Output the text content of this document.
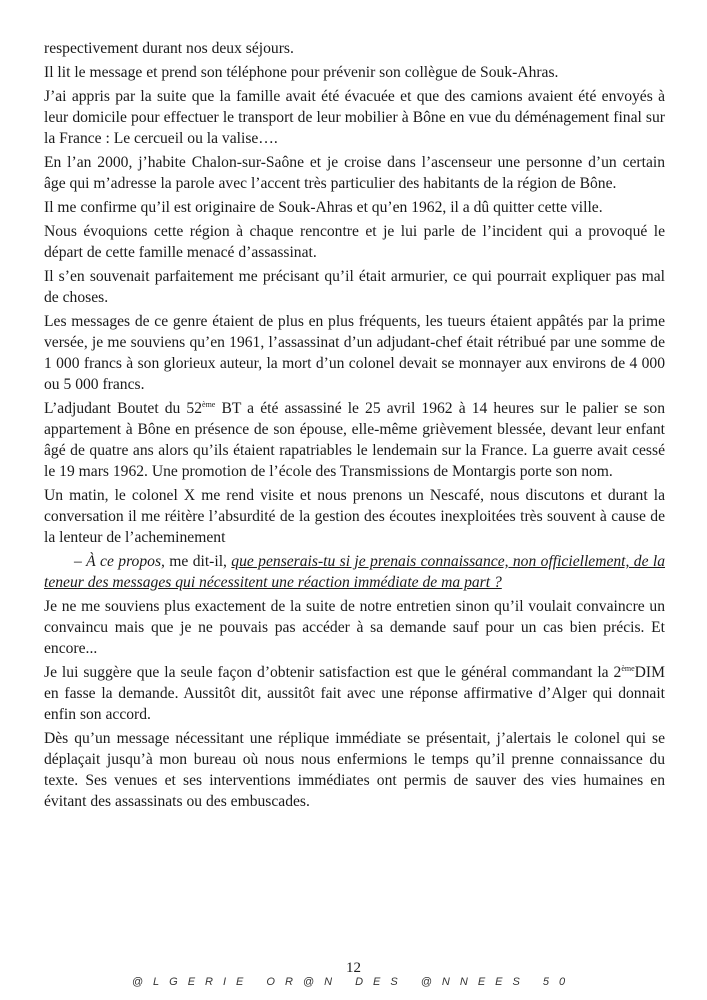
respectivement durant nos deux séjours.

Il lit le message et prend son téléphone pour prévenir son collègue de Souk-Ahras.

J’ai appris par la suite que la famille avait été évacuée et que des camions avaient été envoyés à leur domicile pour effectuer le transport de leur mobilier à Bône en vue du déménagement final sur la France : Le cercueil ou la valise….

En l’an 2000, j’habite Chalon-sur-Saône et je croise dans l’ascenseur une personne d’un certain âge qui m’adresse la parole avec l’accent très particulier des habitants de la région de Bône.

Il me confirme qu’il est originaire de Souk-Ahras et qu’en 1962, il a dû quitter cette ville.

Nous évoquions cette région à chaque rencontre et je lui parle de l’incident qui a provoqué le départ de cette famille menacé d’assassinat.

Il s’en souvenait parfaitement me précisant qu’il était armurier, ce qui pourrait expliquer pas mal de choses.

Les messages de ce genre étaient de plus en plus fréquents, les tueurs étaient appâtés par la prime versée, je me souviens qu’en 1961, l’assassinat d’un adjudant-chef était rétribué par une somme de 1 000 francs à son glorieux auteur, la mort d’un colonel devait se monnayer aux environs de 4 000 ou 5 000 francs.

L’adjudant Boutet du 52ème BT a été assassiné le 25 avril 1962 à 14 heures sur le palier se son appartement à Bône en présence de son épouse, elle-même grièvement blessée, devant leur enfant âgé de quatre ans alors qu’ils étaient rapatriables le lendemain sur la France. La guerre avait cessé le 19 mars 1962. Une promotion de l’école des Transmissions de Montargis porte son nom.

Un matin, le colonel X me rend visite et nous prenons un Nescafé, nous discutons et durant la conversation il me réitère l’absurdité de la gestion des écoutes inexploitées très souvent à cause de la lenteur de l’acheminement

– À ce propos, me dit-il, que penserais-tu si je prenais connaissance, non officiellement, de la teneur des messages qui nécessitent une réaction immédiate de ma part ?

Je ne me souviens plus exactement de la suite de notre entretien sinon qu’il voulait convaincre un convaincu mais que je ne pouvais pas accéder à sa demande sauf pour un cas bien précis. Et encore...

Je lui suggère que la seule façon d’obtenir satisfaction est que le général commandant la 2èmeDIM en fasse la demande. Aussitôt dit, aussitôt fait avec une réponse affirmative d’Alger qui donnait enfin son accord.

Dès qu’un message nécessitant une réplique immédiate se présentait, j’alertais le colonel qui se déplaçait jusqu’à mon bureau où nous nous enfermions le temps qu’il prenne connaissance du texte. Ses venues et ses interventions immédiates ont permis de sauver des vies humaines en évitant des assassinats ou des embuscades.

12
@LGERIE OR@N DES @NNEES 50
